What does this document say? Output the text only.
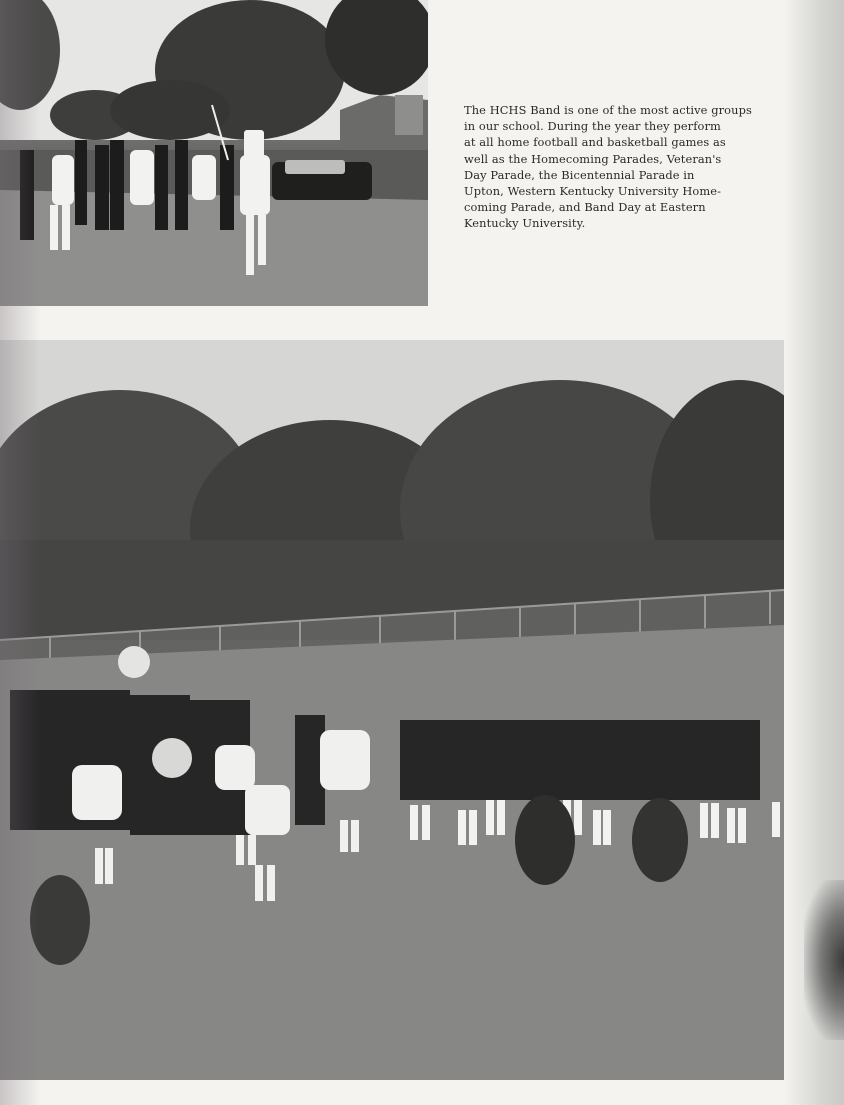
The HCHS Band is one of the most active groups
in our school. During the year they perform
at all home football and basketball games as
well as the Homecoming Parades, Veteran's
Day Parade, the Bicentennial Parade in
Upton, Western Kentucky University Home-
coming Parade, and Band Day at Eastern
Kentucky University.
